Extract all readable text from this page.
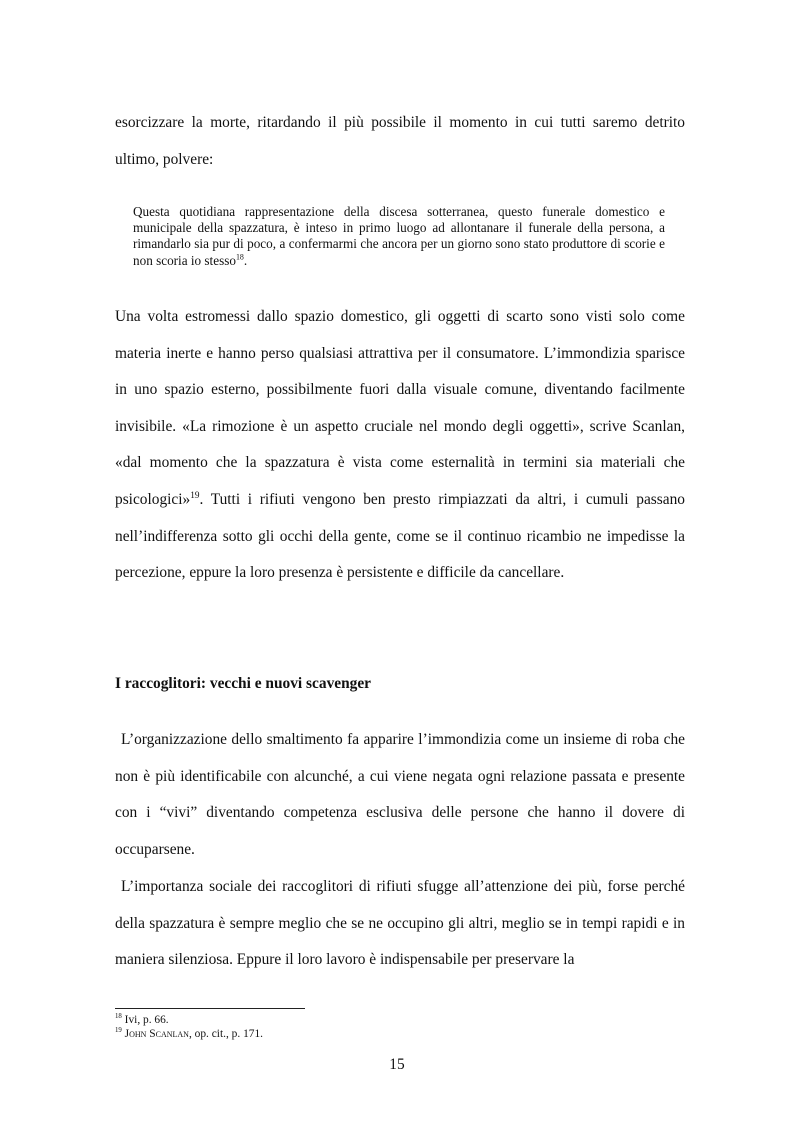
esorcizzare la morte, ritardando il più possibile il momento in cui tutti saremo detrito ultimo, polvere:

Questa quotidiana rappresentazione della discesa sotterranea, questo funerale domestico e municipale della spazzatura, è inteso in primo luogo ad allontanare il funerale della persona, a rimandarlo sia pur di poco, a confermarmi che ancora per un giorno sono stato produttore di scorie e non scoria io stesso$^{18}$.

Una volta estromessi dallo spazio domestico, gli oggetti di scarto sono visti solo come materia inerte e hanno perso qualsiasi attrattiva per il consumatore. L’immondizia sparisce in uno spazio esterno, possibilmente fuori dalla visuale comune, diventando facilmente invisibile. «La rimozione è un aspetto cruciale nel mondo degli oggetti», scrive Scanlan, «dal momento che la spazzatura è vista come esternalità in termini sia materiali che psicologici»$^{19}$. Tutti i rifiuti vengono ben presto rimpiazzati da altri, i cumuli passano nell’indifferenza sotto gli occhi della gente, come se il continuo ricambio ne impedisse la percezione, eppure la loro presenza è persistente e difficile da cancellare.

I raccoglitori: vecchi e nuovi scavenger

L’organizzazione dello smaltimento fa apparire l’immondizia come un insieme di roba che non è più identificabile con alcunché, a cui viene negata ogni relazione passata e presente con i “vivi” diventando competenza esclusiva delle persone che hanno il dovere di occuparsene.

L’importanza sociale dei raccoglitori di rifiuti sfugge all’attenzione dei più, forse perché della spazzatura è sempre meglio che se ne occupino gli altri, meglio se in tempi rapidi e in maniera silenziosa. Eppure il loro lavoro è indispensabile per preservare la

$^{18}$ Ivi, p. 66.
$^{19}$ John Scanlan, op. cit., p. 171.
15
